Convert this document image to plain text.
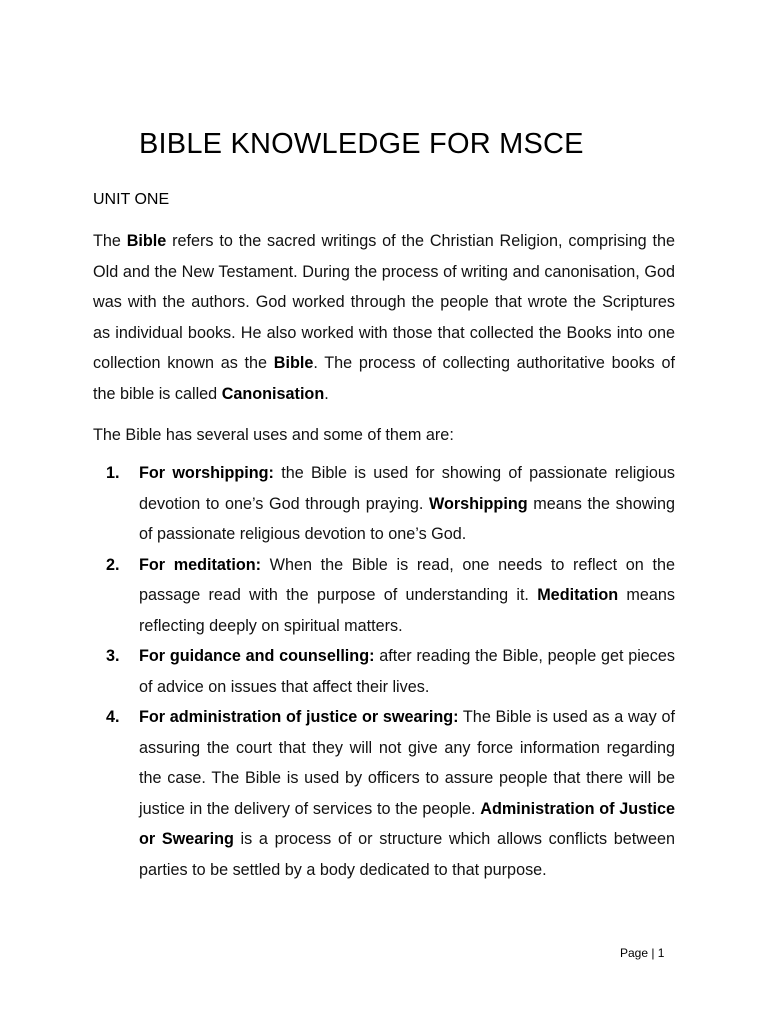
BIBLE KNOWLEDGE FOR MSCE
UNIT ONE

The Bible refers to the sacred writings of the Christian Religion, comprising the Old and the New Testament. During the process of writing and canonisation, God was with the authors. God worked through the people that wrote the Scriptures as individual books. He also worked with those that collected the Books into one collection known as the Bible. The process of collecting authoritative books of the bible is called Canonisation.

The Bible has several uses and some of them are:

1. For worshipping: the Bible is used for showing of passionate religious devotion to one’s God through praying. Worshipping means the showing of passionate religious devotion to one’s God.
2. For meditation: When the Bible is read, one needs to reflect on the passage read with the purpose of understanding it. Meditation means reflecting deeply on spiritual matters.
3. For guidance and counselling: after reading the Bible, people get pieces of advice on issues that affect their lives.
4. For administration of justice or swearing: The Bible is used as a way of assuring the court that they will not give any force information regarding the case. The Bible is used by officers to assure people that there will be justice in the delivery of services to the people. Administration of Justice or Swearing is a process of or structure which allows conflicts between parties to be settled by a body dedicated to that purpose.
Page | 1
